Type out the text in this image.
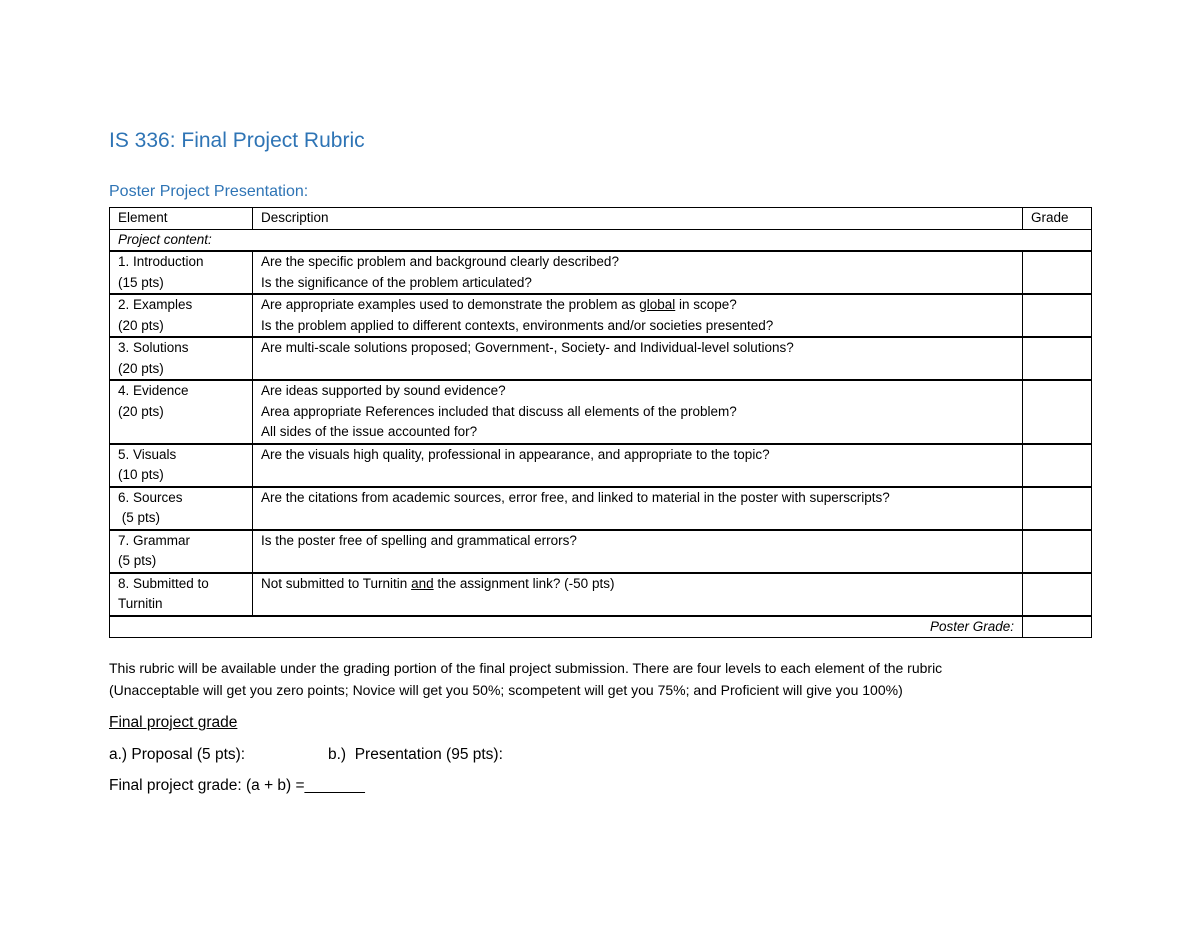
IS 336: Final Project Rubric
Poster Project Presentation:
Element	Description	Grade
Project content:		

1. Introduction
(15 pts)	Are the specific problem and background clearly described?
Is the significance of the problem articulated?	

2. Examples
(20 pts)	Are appropriate examples used to demonstrate the problem as global in scope?
Is the problem applied to different contexts, environments and/or societies presented?	

3. Solutions
(20 pts)	Are multi-scale solutions proposed; Government-, Society- and Individual-level solutions?	

4. Evidence
(20 pts)	Are ideas supported by sound evidence?
Area appropriate References included that discuss all elements of the problem?
All sides of the issue accounted for?	

5. Visuals
(10 pts)	Are the visuals high quality, professional in appearance, and appropriate to the topic?	

6. Sources
(5 pts)	Are the citations from academic sources, error free, and linked to material in the poster with superscripts?	

7. Grammar
(5 pts)	Is the poster free of spelling and grammatical errors?	

8. Submitted to
Turnitin	Not submitted to Turnitin and the assignment link? (-50 pts)	

Poster Grade:		
This rubric will be available under the grading portion of the final project submission. There are four levels to each element of the rubric
(Unacceptable will get you zero points; Novice will get you 50%; scompetent will get you 75%; and Proficient will give you 100%)
Final project grade
a.) Proposal (5 pts):	b.)  Presentation (95 pts):
Final project grade: (a + b) =_______
